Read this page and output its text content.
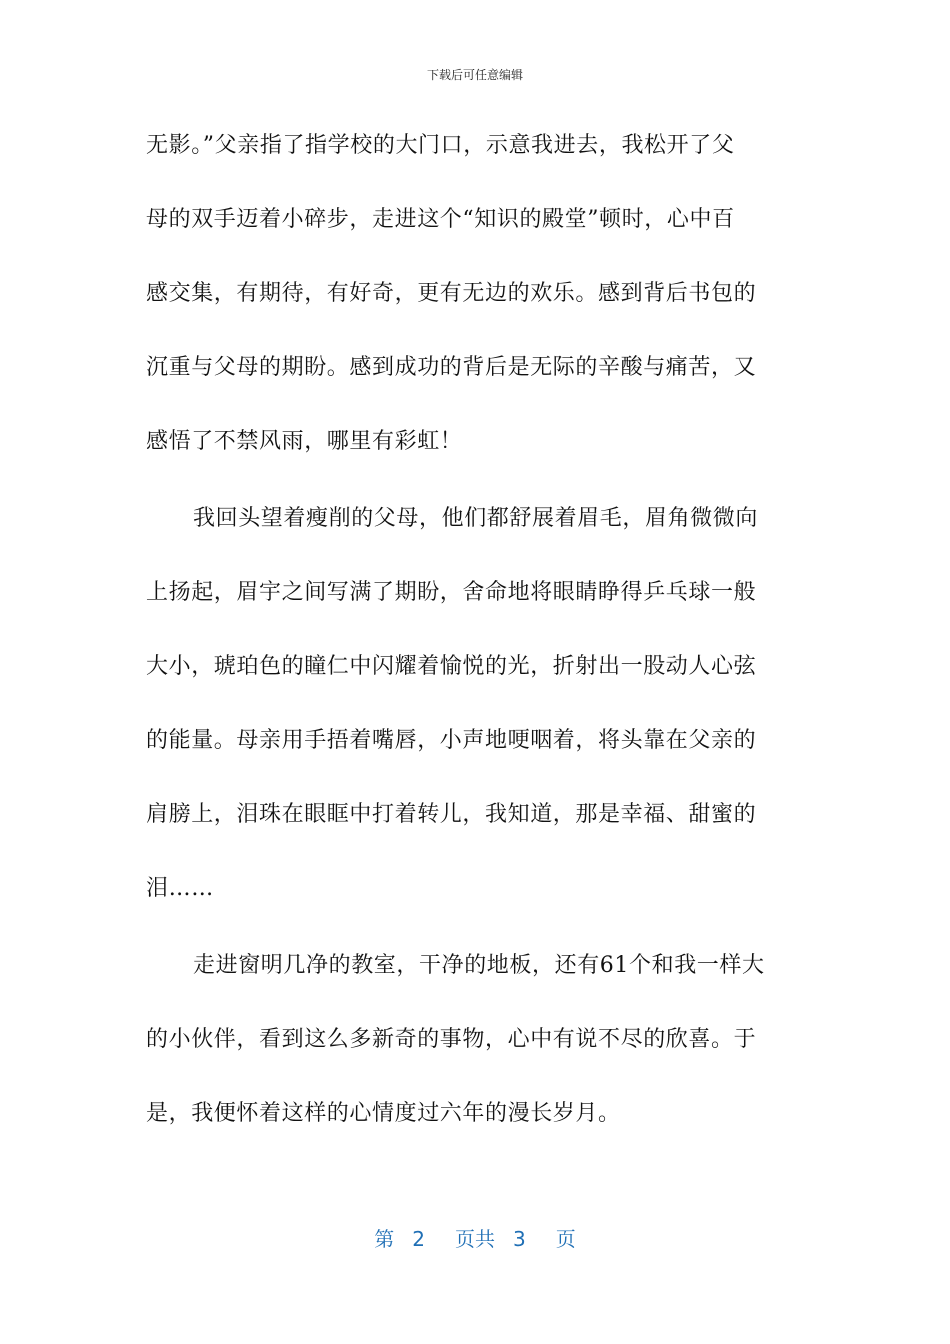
下载后可任意编辑
无影。”父亲指了指学校的大门口，示意我进去，我松开了父
母的双手迈着小碎步，走进这个“知识的殿堂”顿时，心中百
感交集，有期待，有好奇，更有无边的欢乐。感到背后书包的
沉重与父母的期盼。感到成功的背后是无际的辛酸与痛苦，又
感悟了不禁风雨，哪里有彩虹！
我回头望着瘦削的父母，他们都舒展着眉毛，眉角微微向
上扬起，眉宇之间写满了期盼，舍命地将眼睛睁得乒乓球一般
大小，琥珀色的瞳仁中闪耀着愉悦的光，折射出一股动人心弦
的能量。母亲用手捂着嘴唇，小声地哽咽着，将头靠在父亲的
肩膀上，泪珠在眼眶中打着转儿，我知道，那是幸福、甜蜜的
泪……
走进窗明几净的教室，干净的地板，还有61个和我一样大
的小伙伴，看到这么多新奇的事物，心中有说不尽的欣喜。于
是，我便怀着这样的心情度过六年的漫长岁月。
第 2 页共 3 页
